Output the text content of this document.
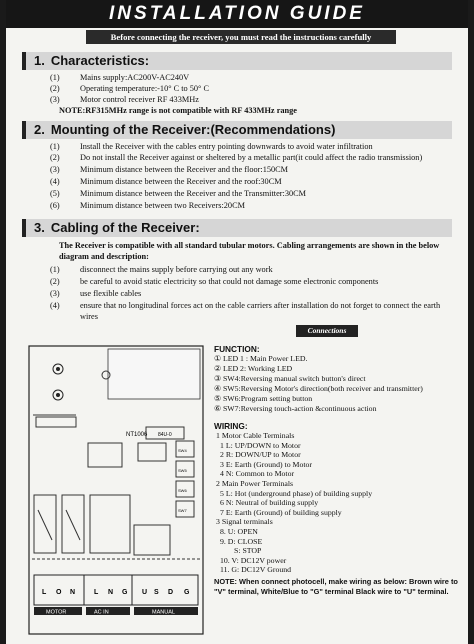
INSTALLATION GUIDE
Before connecting the receiver, you must read the instructions carefully
1. Characteristics:
(1) Mains supply:AC200V-AC240V
(2) Operating temperature:-10° C to 50° C
(3) Motor control receiver RF 433MHz
NOTE:RF315MHz range is not compatible with RF 433MHz range
2. Mounting of the Receiver:(Recommendations)
(1) Install the Receiver with the cables entry pointing downwards to avoid water infiltration
(2) Do not install the Receiver against or sheltered by a metallic part(it could affect the radio transmission)
(3) Minimum distance between the Receiver and the floor:150CM
(4) Minimum distance between the Receiver and the roof:30CM
(5) Minimum distance between the Receiver and the Transmitter:30CM
(6) Minimum distance between two Receivers:20CM
3. Cabling of the Receiver:
The Receiver is compatible with all standard tubular motors. Cabling arrangements are shown in the below diagram and description:
(1)	disconnect the mains supply before carrying out any work
(2)	be careful to avoid static electricity so that could not damage some electronic components
(3)	use flexible cables
(4)	ensure that no longitudinal forces act on the cable carriers after installation do not forget to connect the earth wires
Connections
NT1006 84U-0
SW4
SW5
SW6
SW7
MOTOR	AC IN	MANUAL
L O N	L N G U S D G
FUNCTION:
① LED 1 : Main Power LED.
② LED 2: Working LED
③ SW4:Reversing manual switch button's direct
④ SW5:Reversing Motor's direction(both receiver and transmitter)
⑤ SW6:Program setting button
⑥ SW7:Reversing touch-action &continuous action
WIRING:
1 Motor Cable Terminals
1 L: UP/DOWN to Motor
2 R: DOWN/UP to Motor
3 E: Earth (Ground) to Motor
4 N: Common to Motor
2 Main Power Terminals
5 L: Hot (underground phase) of building supply
6 N: Neutral of building supply
7 E: Earth (Ground) of building supply
3 Signal terminals
8. U: OPEN
9. D: CLOSE
S: STOP
10. V: DC12V power
11. G: DC12V Ground
NOTE: When connect photocell, make wiring as below: Brown wire to "V" terminal, White/Blue to "G" terminal Black wire to "U" terminal.
